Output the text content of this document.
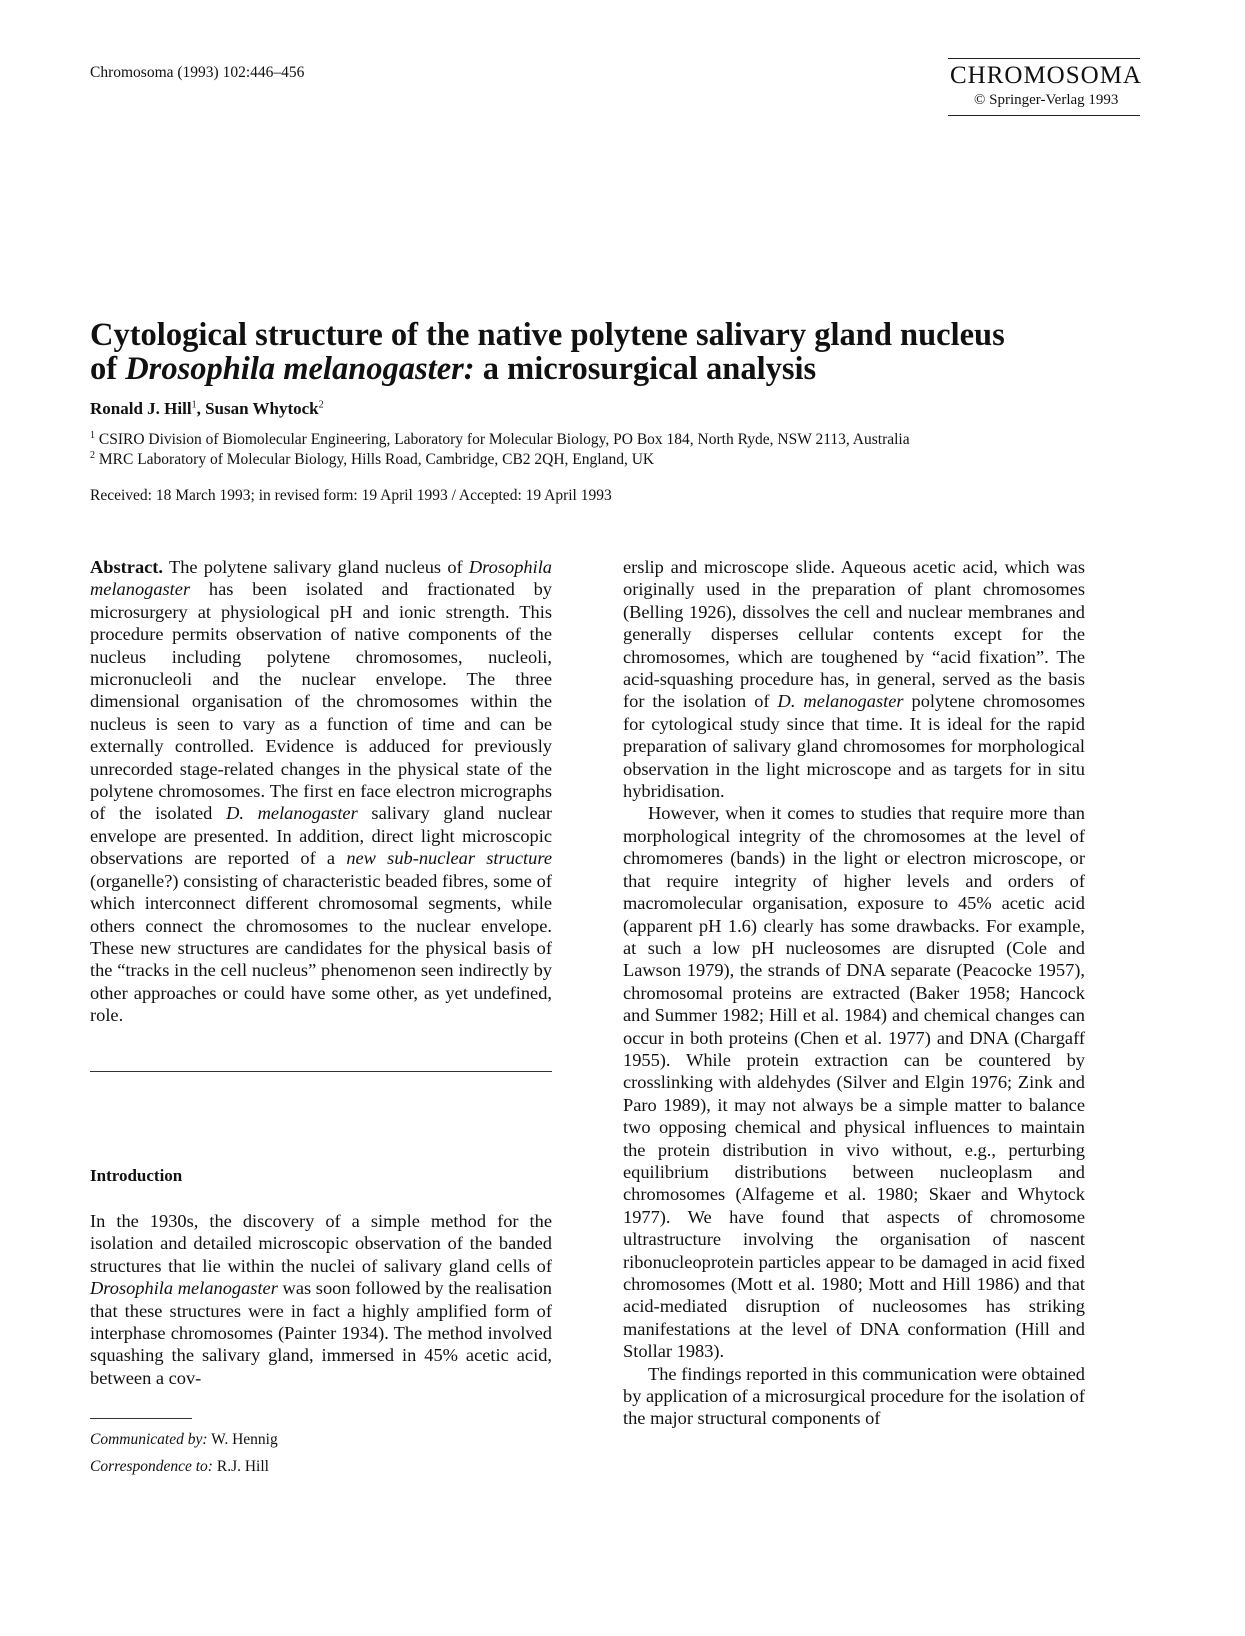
Chromosoma (1993) 102:446–456	CHROMOSOMA
© Springer-Verlag 1993
Cytological structure of the native polytene salivary gland nucleus
of Drosophila melanogaster: a microsurgical analysis
Ronald J. Hill$^1$, Susan Whytock$^2$
$^1$ CSIRO Division of Biomolecular Engineering, Laboratory for Molecular Biology, PO Box 184, North Ryde, NSW 2113, Australia
$^2$ MRC Laboratory of Molecular Biology, Hills Road, Cambridge, CB2 2QH, England, UK
Received: 18 March 1993; in revised form: 19 April 1993 / Accepted: 19 April 1993

Abstract. The polytene salivary gland nucleus of Drosophila melanogaster has been isolated and fractionated by microsurgery at physiological pH and ionic strength. This procedure permits observation of native components of the nucleus including polytene chromosomes, nucleoli, micronucleoli and the nuclear envelope. The three dimensional organisation of the chromosomes within the nucleus is seen to vary as a function of time and can be externally controlled. Evidence is adduced for previously unrecorded stage-related changes in the physical state of the polytene chromosomes. The first en face electron micrographs of the isolated D. melanogaster salivary gland nuclear envelope are presented. In addition, direct light microscopic observations are reported of a new sub-nuclear structure (organelle?) consisting of characteristic beaded fibres, some of which interconnect different chromosomal segments, while others connect the chromosomes to the nuclear envelope. These new structures are candidates for the physical basis of the “tracks in the cell nucleus” phenomenon seen indirectly by other approaches or could have some other, as yet undefined, role.

Introduction

In the 1930s, the discovery of a simple method for the isolation and detailed microscopic observation of the banded structures that lie within the nuclei of salivary gland cells of Drosophila melanogaster was soon followed by the realisation that these structures were in fact a highly amplified form of interphase chromosomes (Painter 1934). The method involved squashing the salivary gland, immersed in 45% acetic acid, between a cov-

Communicated by: W. Hennig
Correspondence to: R.J. Hill

erslip and microscope slide. Aqueous acetic acid, which was originally used in the preparation of plant chromosomes (Belling 1926), dissolves the cell and nuclear membranes and generally disperses cellular contents except for the chromosomes, which are toughened by “acid fixation”. The acid-squashing procedure has, in general, served as the basis for the isolation of D. melanogaster polytene chromosomes for cytological study since that time. It is ideal for the rapid preparation of salivary gland chromosomes for morphological observation in the light microscope and as targets for in situ hybridisation.

However, when it comes to studies that require more than morphological integrity of the chromosomes at the level of chromomeres (bands) in the light or electron microscope, or that require integrity of higher levels and orders of macromolecular organisation, exposure to 45% acetic acid (apparent pH 1.6) clearly has some drawbacks. For example, at such a low pH nucleosomes are disrupted (Cole and Lawson 1979), the strands of DNA separate (Peacocke 1957), chromosomal proteins are extracted (Baker 1958; Hancock and Summer 1982; Hill et al. 1984) and chemical changes can occur in both proteins (Chen et al. 1977) and DNA (Chargaff 1955). While protein extraction can be countered by crosslinking with aldehydes (Silver and Elgin 1976; Zink and Paro 1989), it may not always be a simple matter to balance two opposing chemical and physical influences to maintain the protein distribution in vivo without, e.g., perturbing equilibrium distributions between nucleoplasm and chromosomes (Alfageme et al. 1980; Skaer and Whytock 1977). We have found that aspects of chromosome ultrastructure involving the organisation of nascent ribonucleoprotein particles appear to be damaged in acid fixed chromosomes (Mott et al. 1980; Mott and Hill 1986) and that acid-mediated disruption of nucleosomes has striking manifestations at the level of DNA conformation (Hill and Stollar 1983).

The findings reported in this communication were obtained by application of a microsurgical procedure for the isolation of the major structural components of
